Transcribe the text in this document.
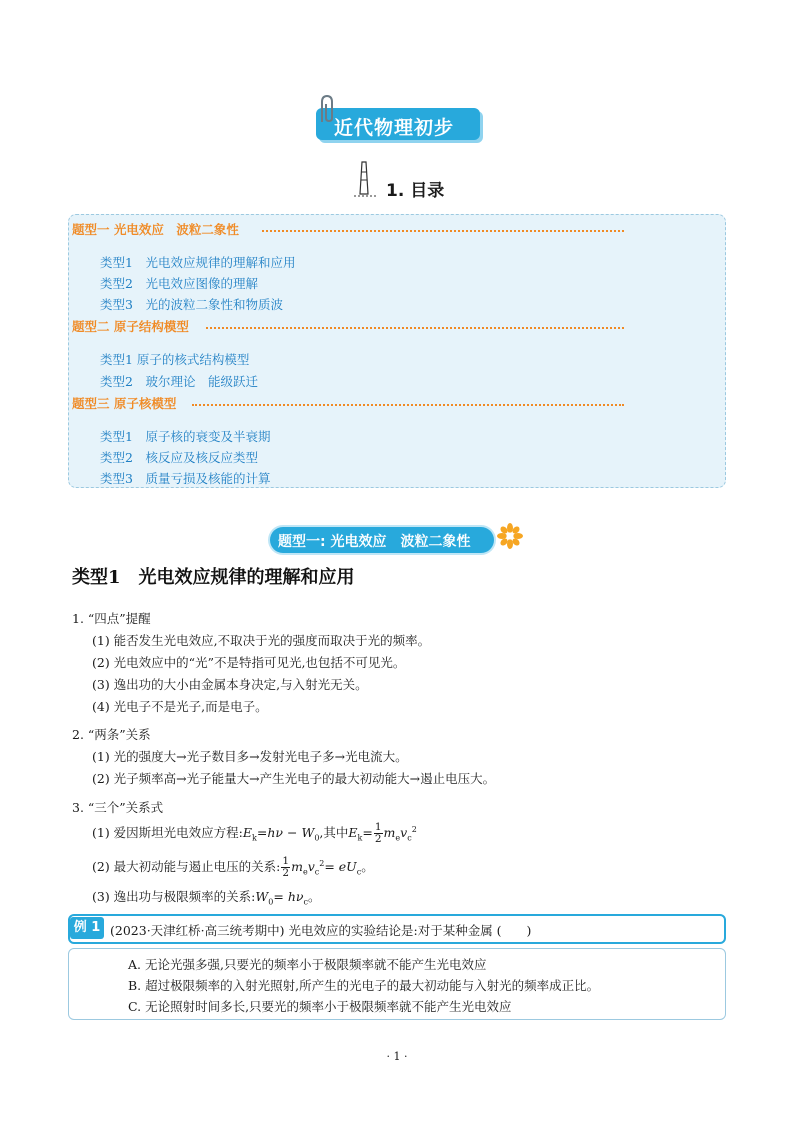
近代物理初步
1. 目录
题型一 光电效应　波粒二象性
类型1　光电效应规律的理解和应用
类型2　光电效应图像的理解
类型3　光的波粒二象性和物质波
题型二 原子结构模型
类型1 原子的核式结构模型
类型2　玻尔理论　能级跃迁
题型三 原子核模型
类型1　原子核的衰变及半衰期
类型2　核反应及核反应类型
类型3　质量亏损及核能的计算
题型一: 光电效应　波粒二象性
类型1　光电效应规律的理解和应用
1. “四点”提醒
(1) 能否发生光电效应,不取决于光的强度而取决于光的频率。
(2) 光电效应中的“光”不是特指可见光,也包括不可见光。
(3) 逸出功的大小由金属本身决定,与入射光无关。
(4) 光电子不是光子,而是电子。
2. “两条”关系
(1) 光的强度大→光子数目多→发射光电子多→光电流大。
(2) 光子频率高→光子能量大→产生光电子的最大初动能大→遏止电压大。
3. “三个”关系式
(1) 爱因斯坦光电效应方程$:E_k=h\nu - W_0$,其中$E_k= \frac{1}{2} m_ev_c^2$
(2) 最大初动能与遏止电压的关系: $\frac{1}{2} m_ev_c^2= eU_c$。
(3) 逸出功与极限频率的关系$:W_0= h\nu_c$。
例 1 (2023·天津红桥·高三统考期中) 光电效应的实验结论是:对于某种金属 (　　)
A. 无论光强多强,只要光的频率小于极限频率就不能产生光电效应
B. 超过极限频率的入射光照射,所产生的光电子的最大初动能与入射光的频率成正比。
C. 无论照射时间多长,只要光的频率小于极限频率就不能产生光电效应
· 1 ·
